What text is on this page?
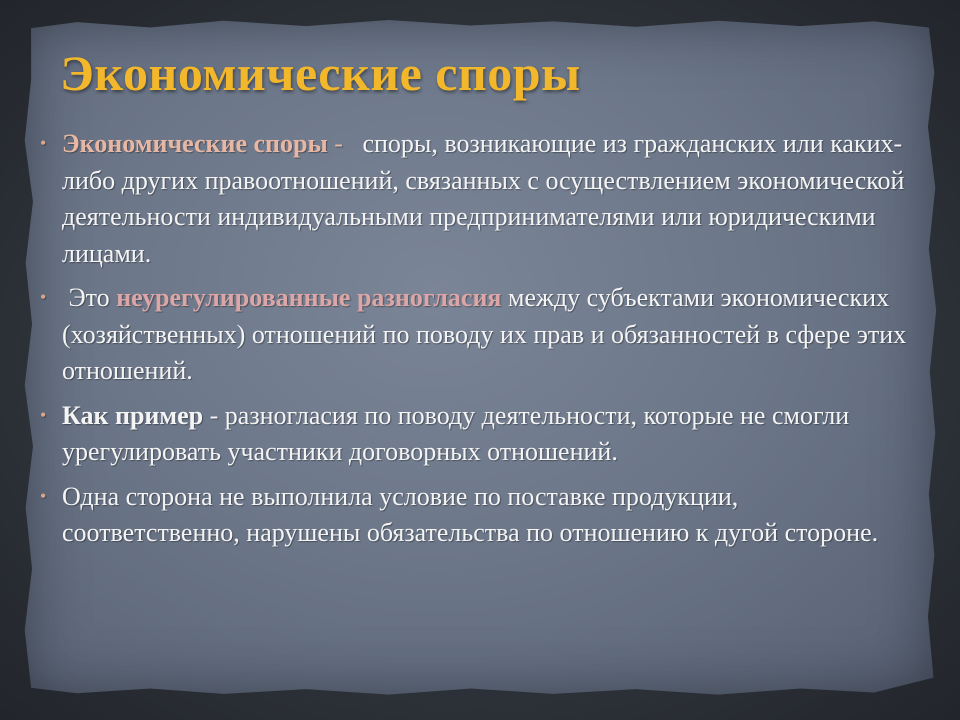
Экономические споры
• Экономические споры -   споры, возникающие из гражданских или каких-либо других правоотношений, связанных с осуществлением экономической деятельности индивидуальными предпринимателями или юридическими лицами.
• Это неурегулированные разногласия между субъектами экономических (хозяйственных) отношений по поводу их прав и обязанностей в сфере этих отношений.
• Как пример - разногласия по поводу деятельности, которые не смогли урегулировать участники договорных отношений.
• Одна сторона не выполнила условие по поставке продукции, соответственно, нарушены обязательства по отношению к дугой стороне.
